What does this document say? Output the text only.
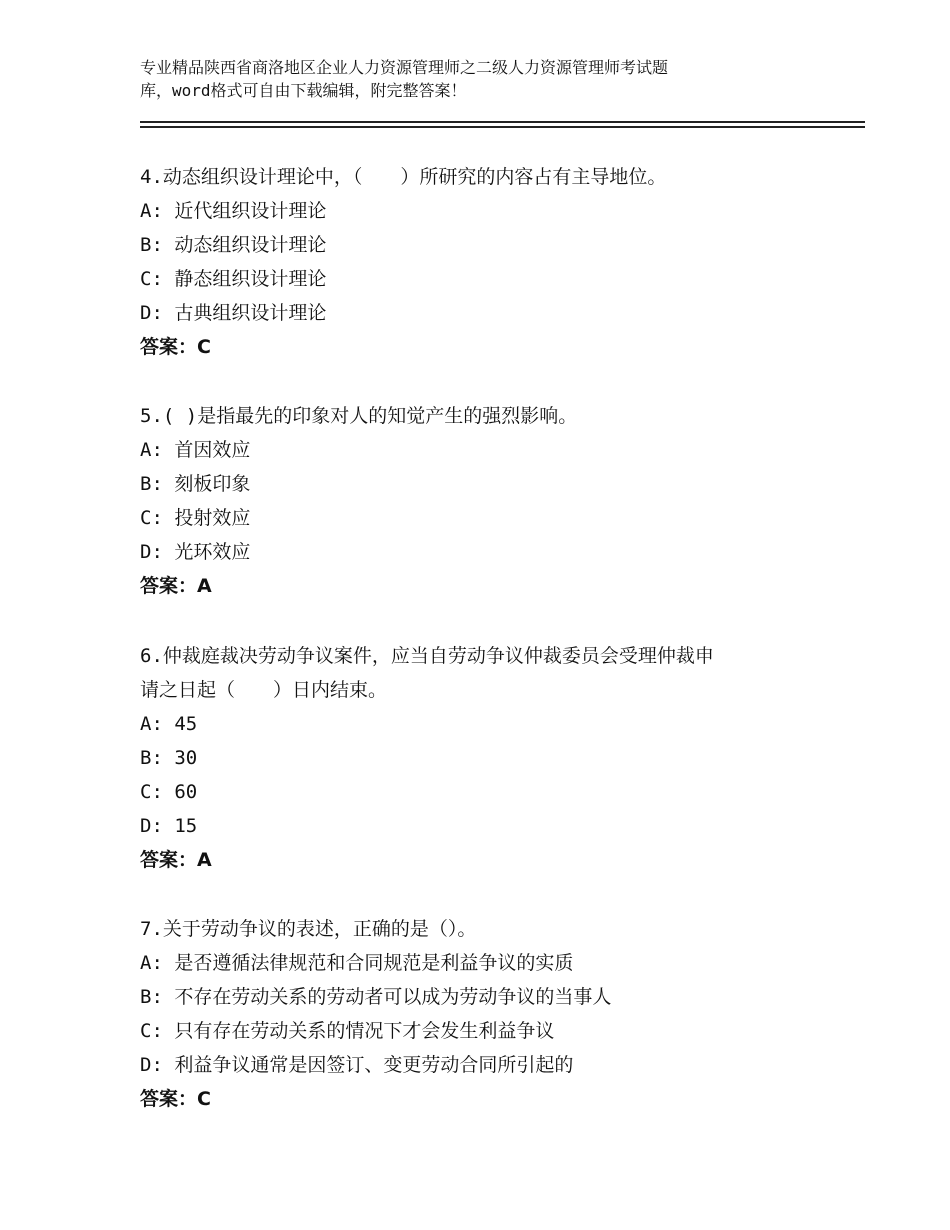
专业精品陕西省商洛地区企业人力资源管理师之二级人力资源管理师考试题
库，word格式可自由下载编辑，附完整答案！
4.动态组织设计理论中，（　　）所研究的内容占有主导地位。
A: 近代组织设计理论
B: 动态组织设计理论
C: 静态组织设计理论
D: 古典组织设计理论
答案：C
5.( )是指最先的印象对人的知觉产生的强烈影响。
A: 首因效应
B: 刻板印象
C: 投射效应
D: 光环效应
答案：A
6.仲裁庭裁决劳动争议案件，应当自劳动争议仲裁委员会受理仲裁申
请之日起（　　）日内结束。
A: 45
B: 30
C: 60
D: 15
答案：A
7.关于劳动争议的表述，正确的是（）。
A: 是否遵循法律规范和合同规范是利益争议的实质
B: 不存在劳动关系的劳动者可以成为劳动争议的当事人
C: 只有存在劳动关系的情况下才会发生利益争议
D: 利益争议通常是因签订、变更劳动合同所引起的
答案：C
